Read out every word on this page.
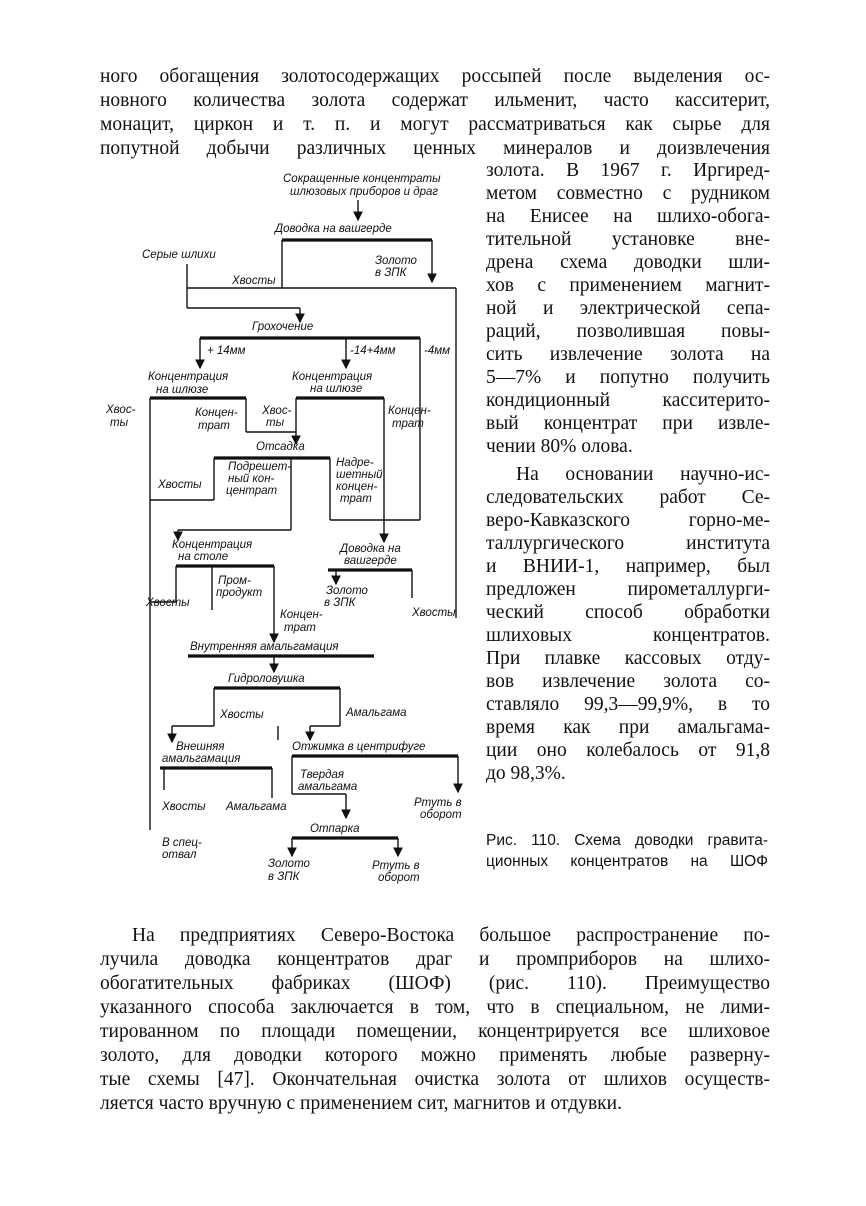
ного обогащения золотосодержащих россыпей после выделения ос-
новного количества золота содержат ильменит, часто касситерит,
монацит, циркон и т. п. и могут рассматриваться как сырье для
попутной добычи различных ценных минералов и доизвлечения
золота. В 1967 г. Иргиред-
метом совместно с рудником
на Енисее на шлихо-обога-
тительной установке вне-
дрена схема доводки шли-
хов с применением магнит-
ной и электрической сепа-
раций, позволившая повы-
сить извлечение золота на
5—7% и попутно получить
кондиционный касситерито-
вый концентрат при извле-
чении 80% олова.
На основании научно-ис-
следовательских работ Се-
веро-Кавказского горно-ме-
таллургического института
и ВНИИ-1, например, был
предложен пирометаллурги-
ческий способ обработки
шлиховых концентратов.
При плавке кассовых отду-
вов извлечение золота со-
ставляло 99,3—99,9%, в то
время как при амальгама-
ции оно колебалось от 91,8
до 98,3%.
Рис. 110. Схема доводки гравита-
ционных концентратов на ШОФ
На предприятиях Северо-Востока большое распространение по-
лучила доводка концентратов драг и промприборов на шлихо-
обогатительных фабриках (ШОФ) (рис. 110). Преимущество
указанного способа заключается в том, что в специальном, не лими-
тированном по площади помещении, концентрируется все шлиховое
золото, для доводки которого можно применять любые разверну-
тые схемы [47]. Окончательная очистка золота от шлихов осуществ-
ляется часто вручную с применением сит, магнитов и отдувки.
Сокращенные концентраты
шлюзовых приборов и драг
Доводка на вашгерде
Золото
в ЗПК
Серые шлихи
Хвосты
Грохочение
+ 14мм	-14+4мм -4мм
Концентрация
на шлюзе
Хвос-
ты
Концен-
трат
Концентрация
на шлюзе
Хвос-
ты
Концен-
трат
Отсадка
Хвосты
Подрешет-
ный кон-
центрат
Надре-
шетный
концен-
трат
Концентрация
на столе
Хвосты
Пром-
продукт
Концен-
трат
Доводка на
вашгерде
Золото
в ЗПК
Хвосты
Внутренняя амальгамация
Гидроловушка
Хвосты	Амальгама
Внешняя
амальгамация
Хвосты Амальгама
В спец-
отвал
Отжимка в центрифуге
Твердая
амальгама
Ртуть в
оборот
Отпарка
Золото
в ЗПК
Ртуть в
оборот
